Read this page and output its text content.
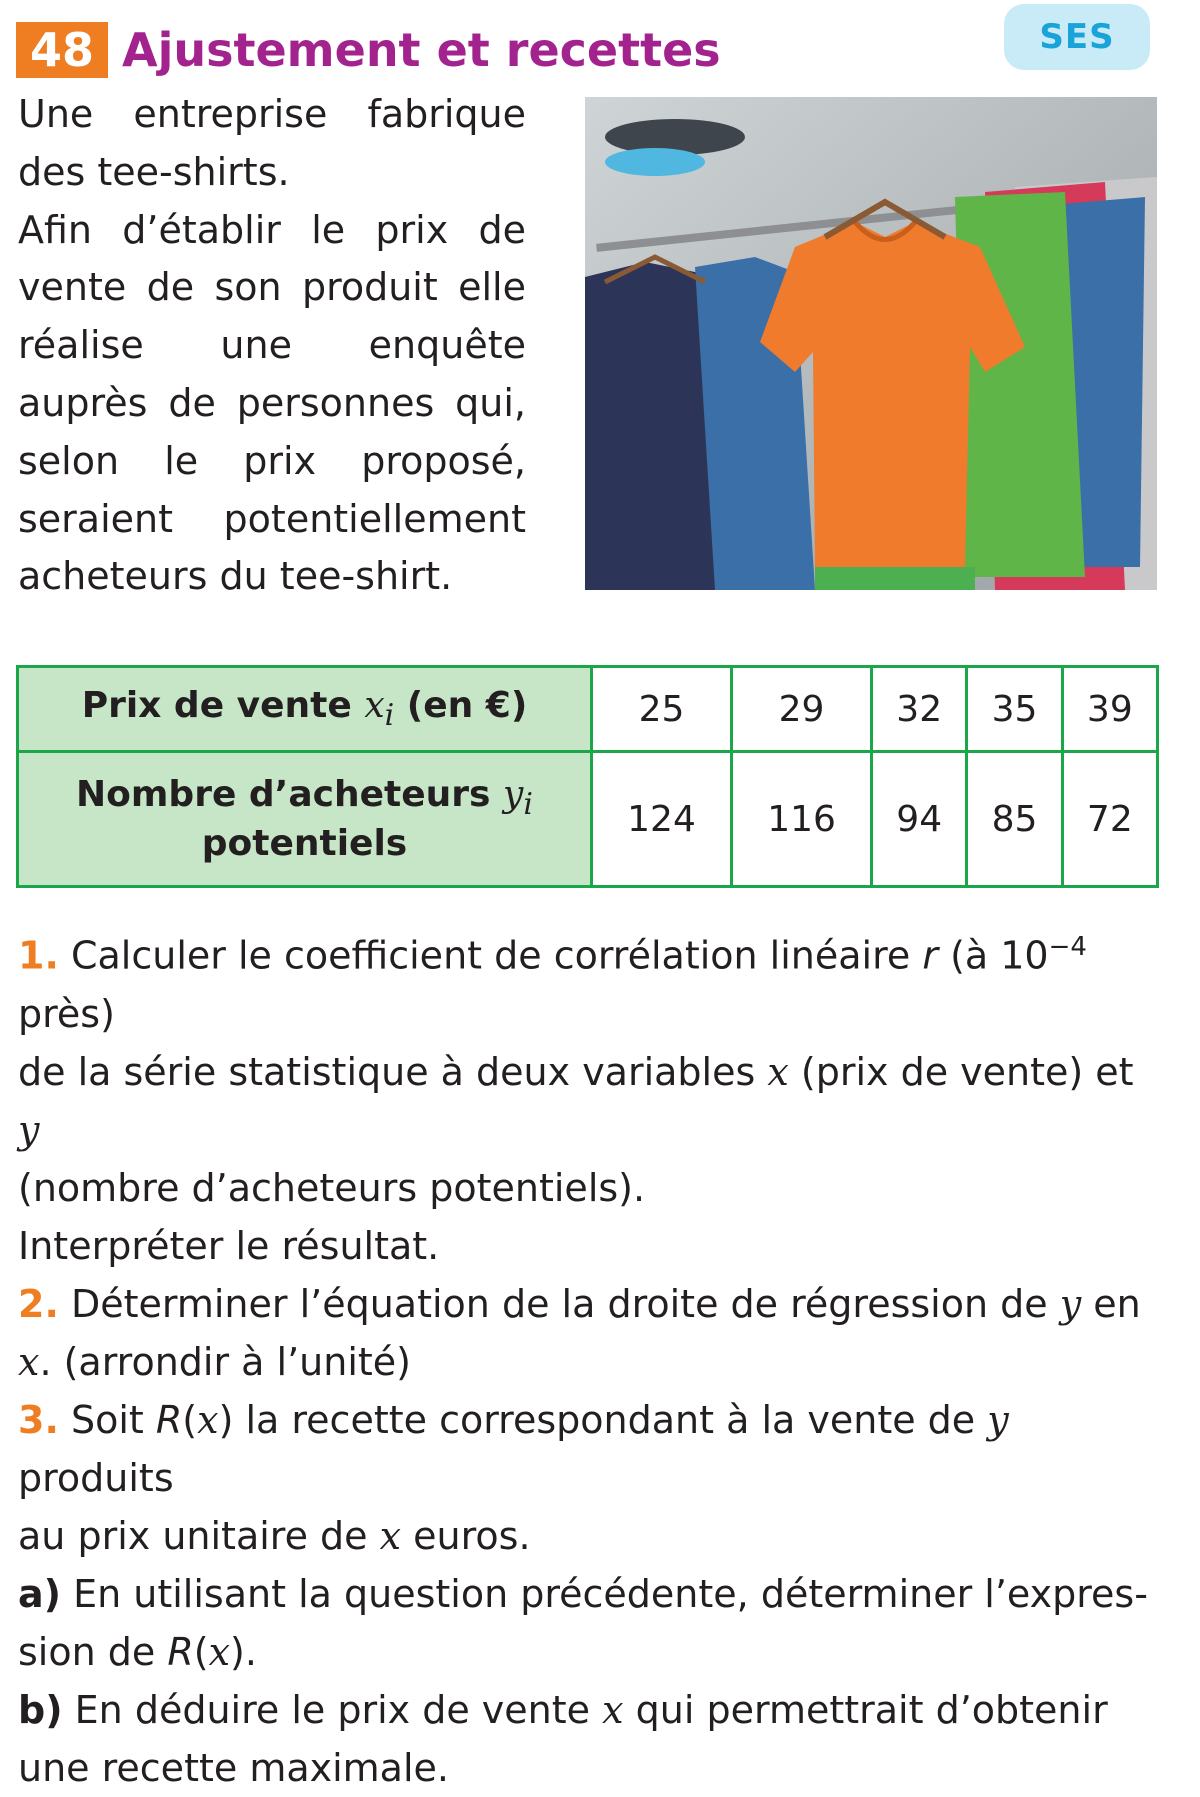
48 Ajustement et recettes	SES

Une entreprise fabrique des tee-shirts.

Afin d’établir le prix de vente de son produit elle réalise une enquête auprès de personnes qui, selon le prix proposé, seraient potentiellement acheteurs du tee-shirt.

Prix de vente $x_i$ (en €)	25	29	32	35	39
Nombre d’acheteurs $y_i$
potentiels	124	116	94	85	72

1. Calculer le coefficient de corrélation linéaire r (à $10^{-4}$ près)

de la série statistique à deux variables x (prix de vente) et y

(nombre d’acheteurs potentiels).

Interpréter le résultat.

2. Déterminer l’équation de la droite de régression de y en

x. (arrondir à l’unité)

3. Soit R(x) la recette correspondant à la vente de y produits

au prix unitaire de x euros.

a) En utilisant la question précédente, déterminer l’expres-

sion de R(x).

b) En déduire le prix de vente x qui permettrait d’obtenir

une recette maximale.
